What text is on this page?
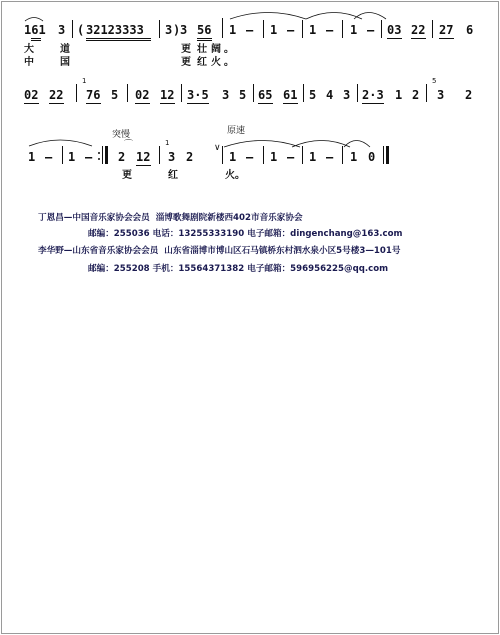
161 3 ( 32123333 3 ) 3 56 1 – 1 – 1 – 1 – 03 22 27 6
大	道	更 壮 阔 。
中	国	更 红 火 。
02 22
1
76 5 02 12 3·5 3 5 65 61 5 4 3 2·3 1 2
5
3 2
1 – 1 –
突慢
⌒
2 12
1
3 2
∨
原速
1 – 1 – 1 – 1 0
更	红	火。
丁恩昌—中国音乐家协会会员  淄博歌舞剧院新楼西402市音乐家协会
邮编：255036 电话：13255333190 电子邮箱：dingenchang@163.com
李华野—山东省音乐家协会会员  山东省淄博市博山区石马镇桥东村泗水泉小区5号楼3—101号
邮编：255208 手机：15564371382 电子邮箱：596956225@qq.com
